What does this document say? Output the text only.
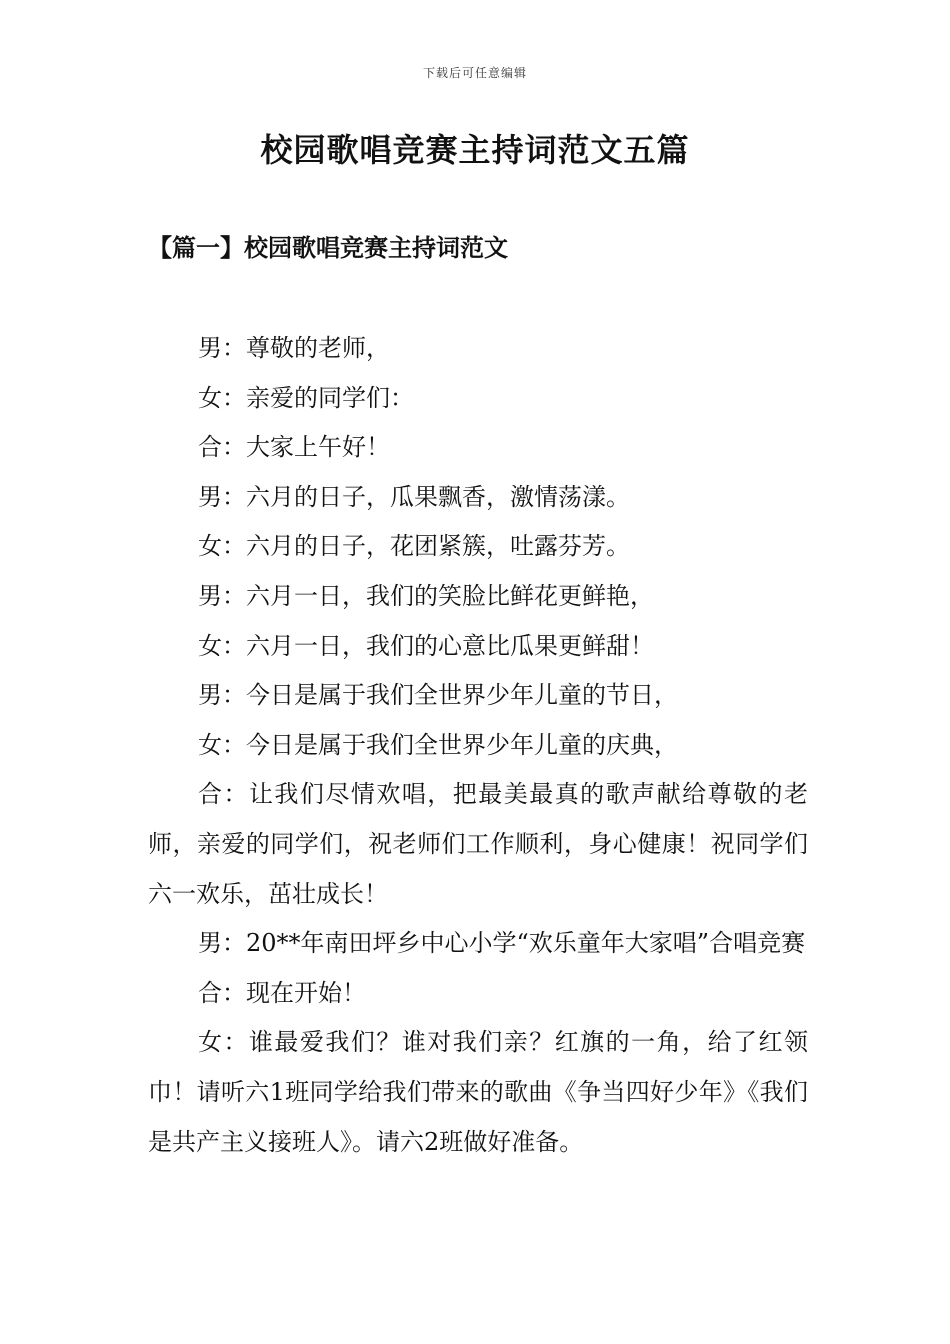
下载后可任意编辑
校园歌唱竞赛主持词范文五篇
【篇一】校园歌唱竞赛主持词范文

男：尊敬的老师，

女：亲爱的同学们：

合：大家上午好！

男：六月的日子，瓜果飘香，激情荡漾。

女：六月的日子，花团紧簇，吐露芬芳。

男：六月一日，我们的笑脸比鲜花更鲜艳，

女：六月一日，我们的心意比瓜果更鲜甜！

男：今日是属于我们全世界少年儿童的节日，

女：今日是属于我们全世界少年儿童的庆典，

合：让我们尽情欢唱，把最美最真的歌声献给尊敬的老师，亲爱的同学们，祝老师们工作顺利，身心健康！祝同学们六一欢乐，茁壮成长！

男：20**年南田坪乡中心小学“欢乐童年大家唱”合唱竞赛

合：现在开始！

女：谁最爱我们？谁对我们亲？红旗的一角，给了红领巾！请听六1班同学给我们带来的歌曲《争当四好少年》《我们是共产主义接班人》。请六2班做好准备。
